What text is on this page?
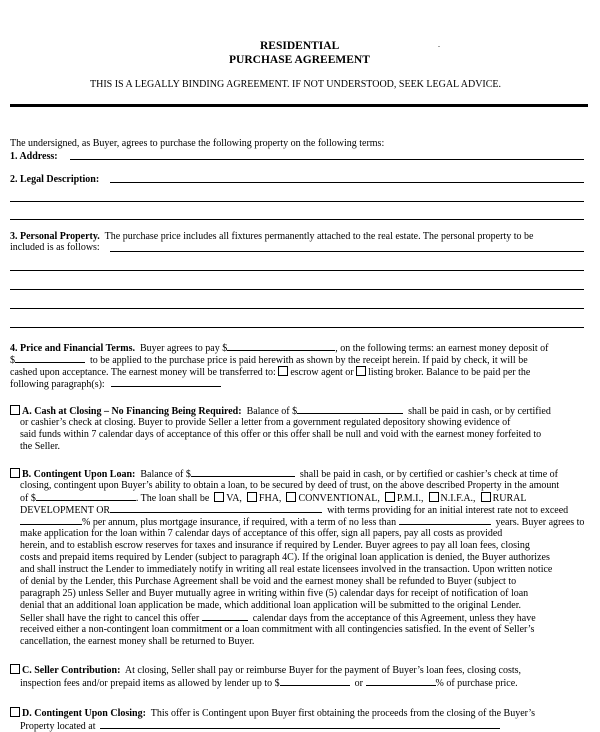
RESIDENTIAL	.
PURCHASE AGREEMENT
THIS IS A LEGALLY BINDING AGREEMENT. IF NOT UNDERSTOOD, SEEK LEGAL ADVICE.
The undersigned, as Buyer, agrees to purchase the following property on the following terms:
1. Address:
2. Legal Description:
3. Personal Property. The purchase price includes all fixtures permanently attached to the real estate. The personal property to be
included is as follows:
4. Price and Financial Terms. Buyer agrees to pay $	, on the following terms: an earnest money deposit of
$	to be applied to the purchase price is paid herewith as shown by the receipt herein. If paid by check, it will be
cashed upon acceptance. The earnest money will be transferred to: escrow agent or listing broker. Balance to be paid per the
following paragraph(s):
A. Cash at Closing – No Financing Being Required: Balance of $	shall be paid in cash, or by certified
or cashier’s check at closing. Buyer to provide Seller a letter from a government regulated depository showing evidence of
said funds within 7 calendar days of acceptance of this offer or this offer shall be null and void with the earnest money forfeited to
the Seller.
B. Contingent Upon Loan: Balance of $	shall be paid in cash, or by certified or cashier’s check at time of
closing, contingent upon Buyer’s ability to obtain a loan, to be secured by deed of trust, on the above described Property in the amount
of $	. The loan shall be VA, FHA, CONVENTIONAL, P.M.I., N.I.F.A., RURAL
DEVELOPMENT OR	with terms providing for an initial interest rate not to exceed
% per annum, plus mortgage insurance, if required, with a term of no less than	years. Buyer agrees to
make application for the loan within 7 calendar days of acceptance of this offer, sign all papers, pay all costs as provided
herein, and to establish escrow reserves for taxes and insurance if required by Lender. Buyer agrees to pay all loan fees, closing
costs and prepaid items required by Lender (subject to paragraph 4C). If the original loan application is denied, the Buyer authorizes
and shall instruct the Lender to immediately notify in writing all real estate licensees involved in the transaction. Upon written notice
of denial by the Lender, this Purchase Agreement shall be void and the earnest money shall be refunded to Buyer (subject to
paragraph 25) unless Seller and Buyer mutually agree in writing within five (5) calendar days for receipt of notification of loan
denial that an additional loan application be made, which additional loan application will be submitted to the original Lender.
Seller shall have the right to cancel this offer	calendar days from the acceptance of this Agreement, unless they have
received either a non-contingent loan commitment or a loan commitment with all contingencies satisfied. In the event of Seller’s
cancellation, the earnest money shall be returned to Buyer.
C. Seller Contribution: At closing, Seller shall pay or reimburse Buyer for the payment of Buyer’s loan fees, closing costs,
inspection fees and/or prepaid items as allowed by lender up to $	or	% of purchase price.
D. Contingent Upon Closing: This offer is Contingent upon Buyer first obtaining the proceeds from the closing of the Buyer’s
Property located at
